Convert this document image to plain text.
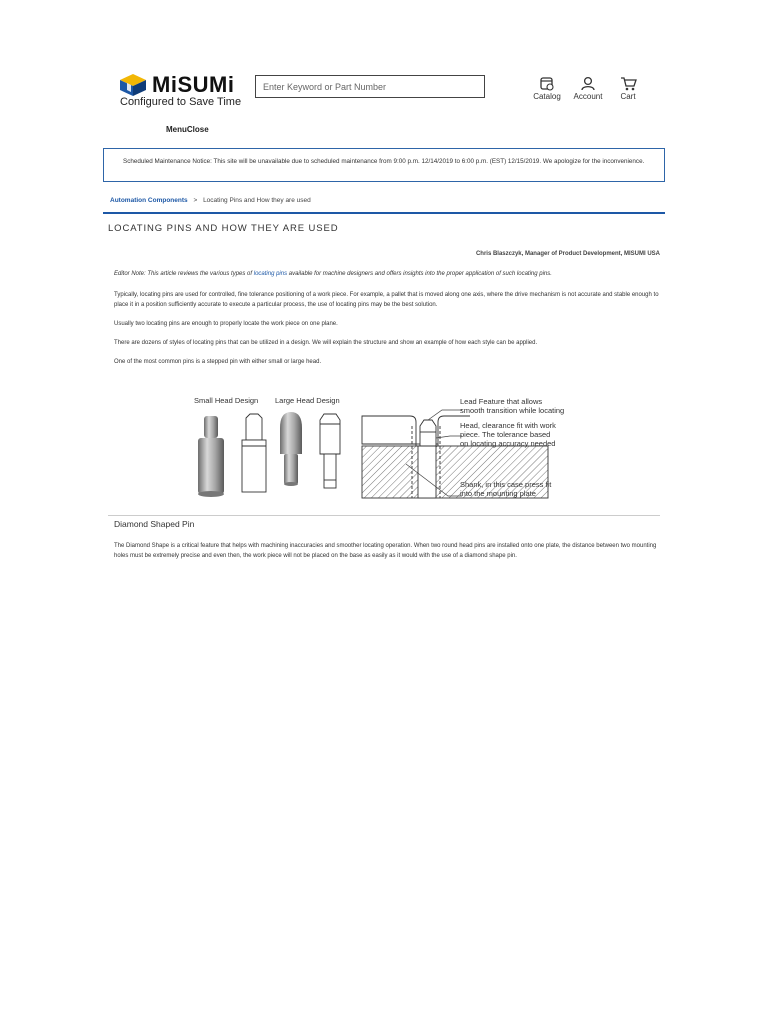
MiSUMi
Configured to Save Time
Enter Keyword or Part Number	Catalog	Account	Cart
MenuClose
Scheduled Maintenance Notice: This site will be unavailable due to scheduled maintenance from 9:00 p.m. 12/14/2019 to 6:00 p.m. (EST) 12/15/2019. We apologize for the inconvenience.
Automation Components > Locating Pins and How they are used
LOCATING PINS AND HOW THEY ARE USED
Chris Blaszczyk, Manager of Product Development, MISUMI USA
Editor Note: This article reviews the various types of locating pins available for machine designers and offers insights into the proper application of such locating pins.
Typically, locating pins are used for controlled, fine tolerance positioning of a work piece. For example, a pallet that is moved along one axis, where the drive mechanism is not accurate and stable enough to place it in a position sufficiently accurate to execute a particular process, the use of locating pins may be the best solution.
Usually two locating pins are enough to properly locate the work piece on one plane.
There are dozens of styles of locating pins that can be utilized in a design. We will explain the structure and show an example of how each style can be applied.
One of the most common pins is a stepped pin with either small or large head.
Small Head Design Large Head Design	Lead Feature that allows
smooth transition while locating
Head, clearance fit with work
piece. The tolerance based
on locating accuracy needed
Shank, in this case press fit
into the mounting plate
Diamond Shaped Pin
The Diamond Shape is a critical feature that helps with machining inaccuracies and smoother locating operation. When two round head pins are installed onto one plate, the distance between two mounting holes must be extremely precise and even then, the work piece will not be placed on the base as easily as it would with the use of a diamond shape pin.
